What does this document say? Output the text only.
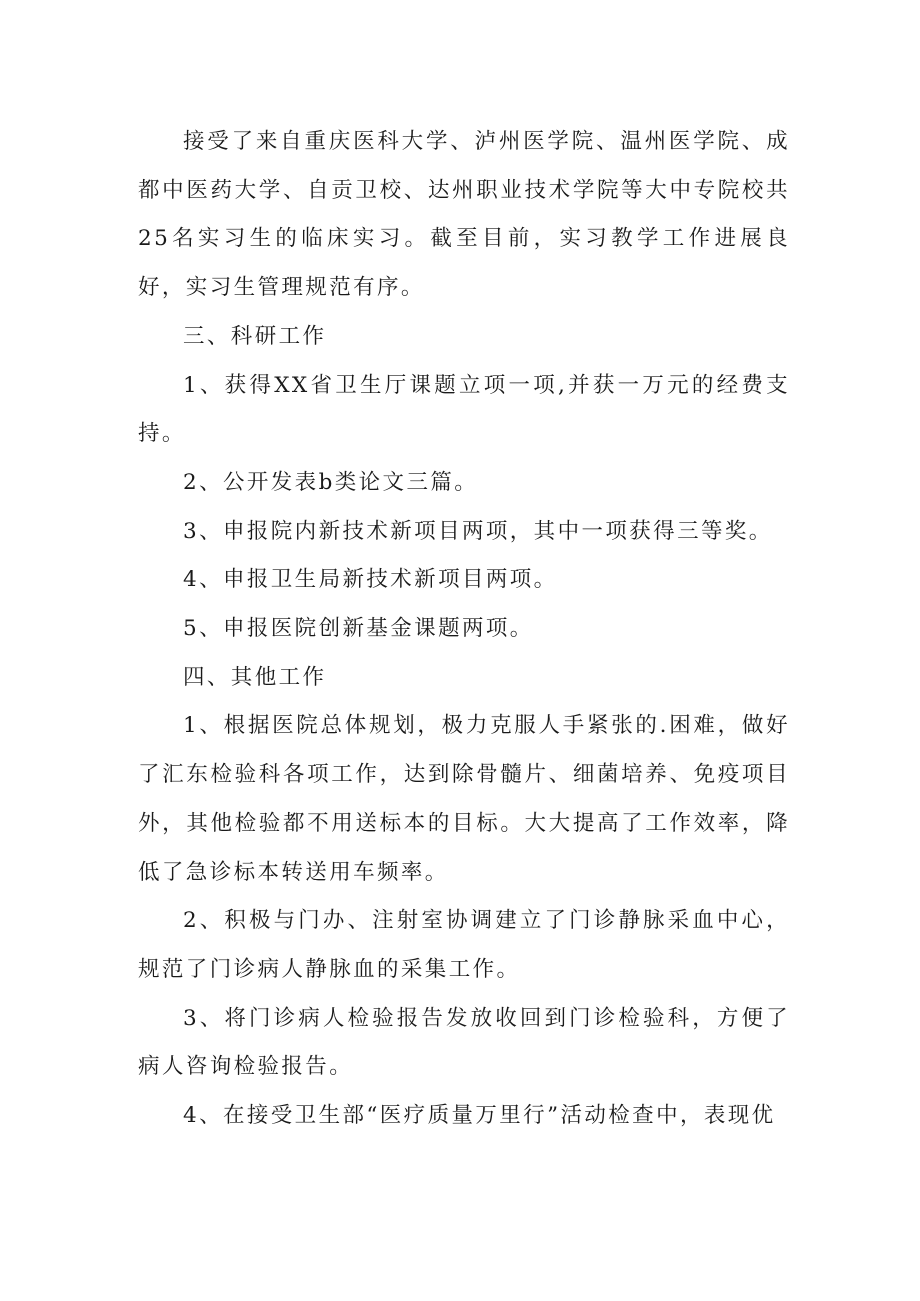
接受了来自重庆医科大学、泸州医学院、温州医学院、成都中医药大学、自贡卫校、达州职业技术学院等大中专院校共25名实习生的临床实习。截至目前，实习教学工作进展良好，实习生管理规范有序。

三、科研工作

1、获得XX省卫生厅课题立项一项,并获一万元的经费支持。

2、公开发表b类论文三篇。

3、申报院内新技术新项目两项，其中一项获得三等奖。

4、申报卫生局新技术新项目两项。

5、申报医院创新基金课题两项。

四、其他工作

1、根据医院总体规划，极力克服人手紧张的.困难，做好了汇东检验科各项工作，达到除骨髓片、细菌培养、免疫项目外，其他检验都不用送标本的目标。大大提高了工作效率，降低了急诊标本转送用车频率。

2、积极与门办、注射室协调建立了门诊静脉采血中心，规范了门诊病人静脉血的采集工作。

3、将门诊病人检验报告发放收回到门诊检验科，方便了病人咨询检验报告。

4、在接受卫生部“医疗质量万里行”活动检查中，表现优
